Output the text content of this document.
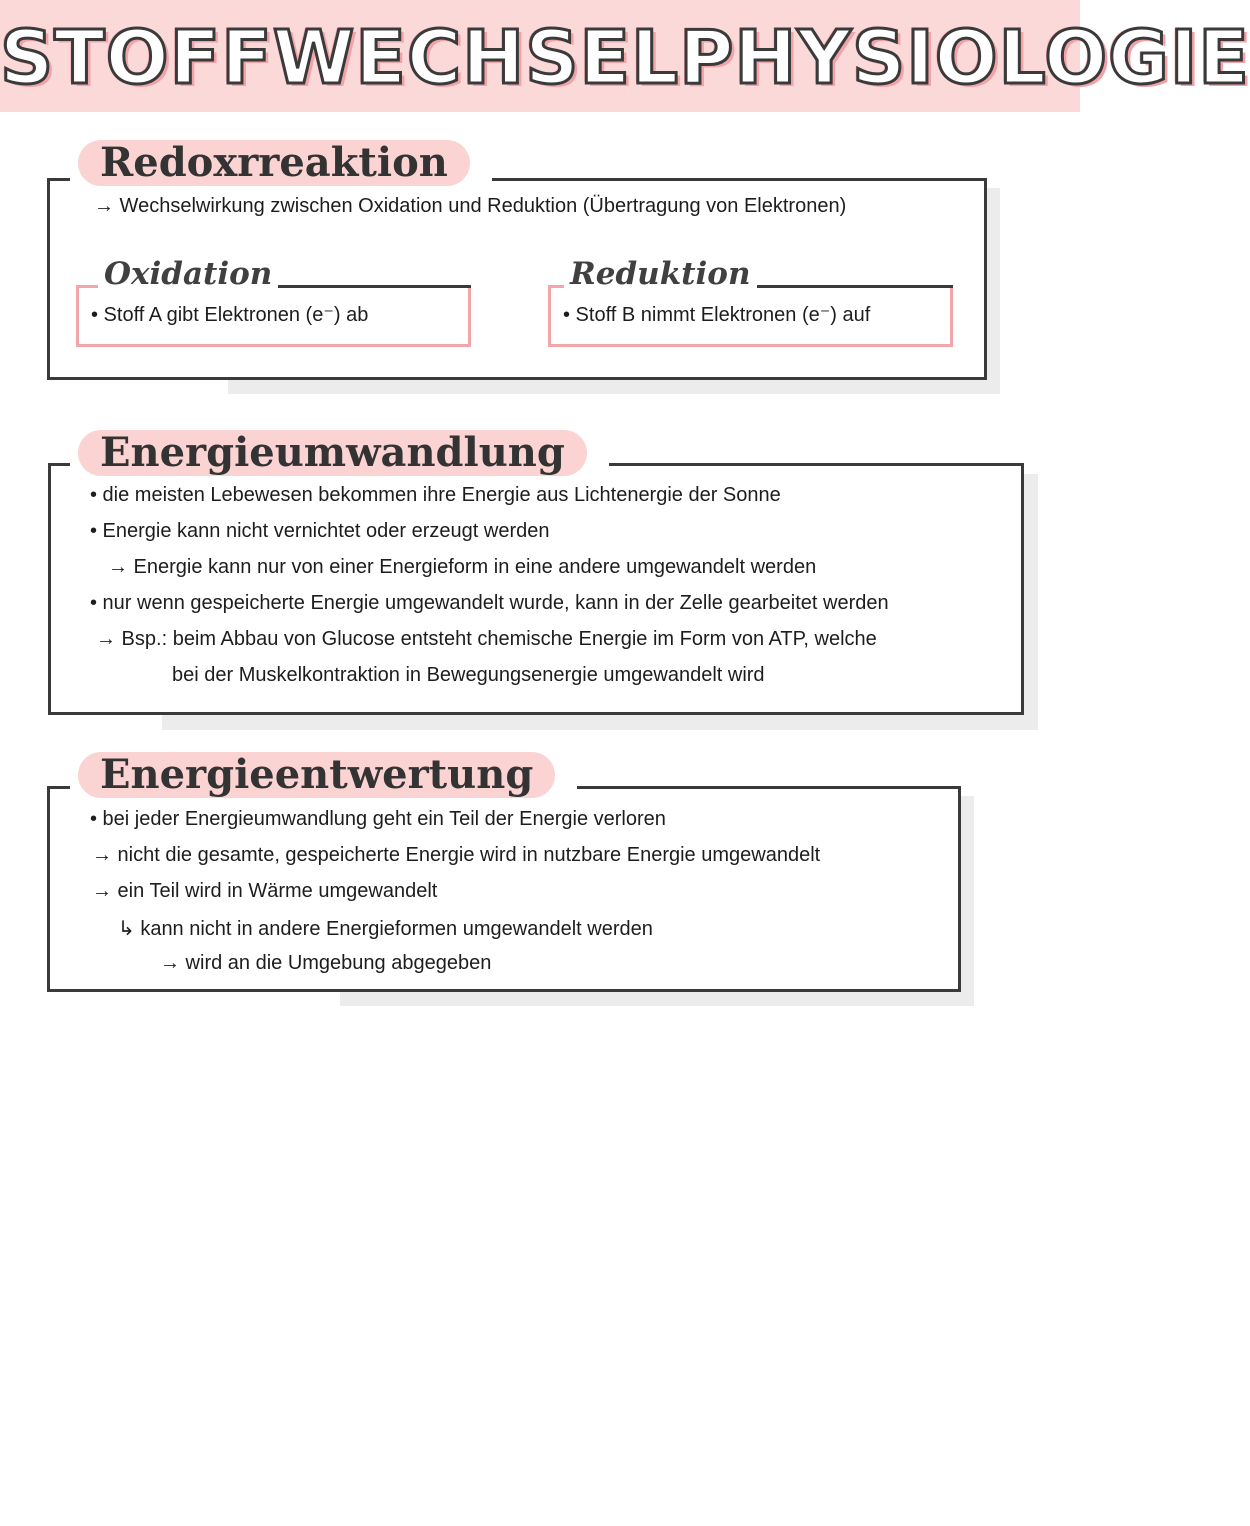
STOFFWECHSELPHYSIOLOGIE
Redoxrreaktion
→ Wechselwirkung zwischen Oxidation und Reduktion (Übertragung von Elektronen)
• Stoff A gibt Elektronen (e⁻) ab
Oxidation
• Stoff B nimmt Elektronen (e⁻) auf
Reduktion
Energieumwandlung
• die meisten Lebewesen bekommen ihre Energie aus Lichtenergie der Sonne
• Energie kann nicht vernichtet oder erzeugt werden
→ Energie kann nur von einer Energieform in eine andere umgewandelt werden
• nur wenn gespeicherte Energie umgewandelt wurde, kann in der Zelle gearbeitet werden
→ Bsp.: beim Abbau von Glucose entsteht chemische Energie im Form von ATP, welche
bei der Muskelkontraktion in Bewegungsenergie umgewandelt wird
Energieentwertung
• bei jeder Energieumwandlung geht ein Teil der Energie verloren
→ nicht die gesamte, gespeicherte Energie wird in nutzbare Energie umgewandelt
→ ein Teil wird in Wärme umgewandelt
↳ kann nicht in andere Energieformen umgewandelt werden
→ wird an die Umgebung abgegeben
